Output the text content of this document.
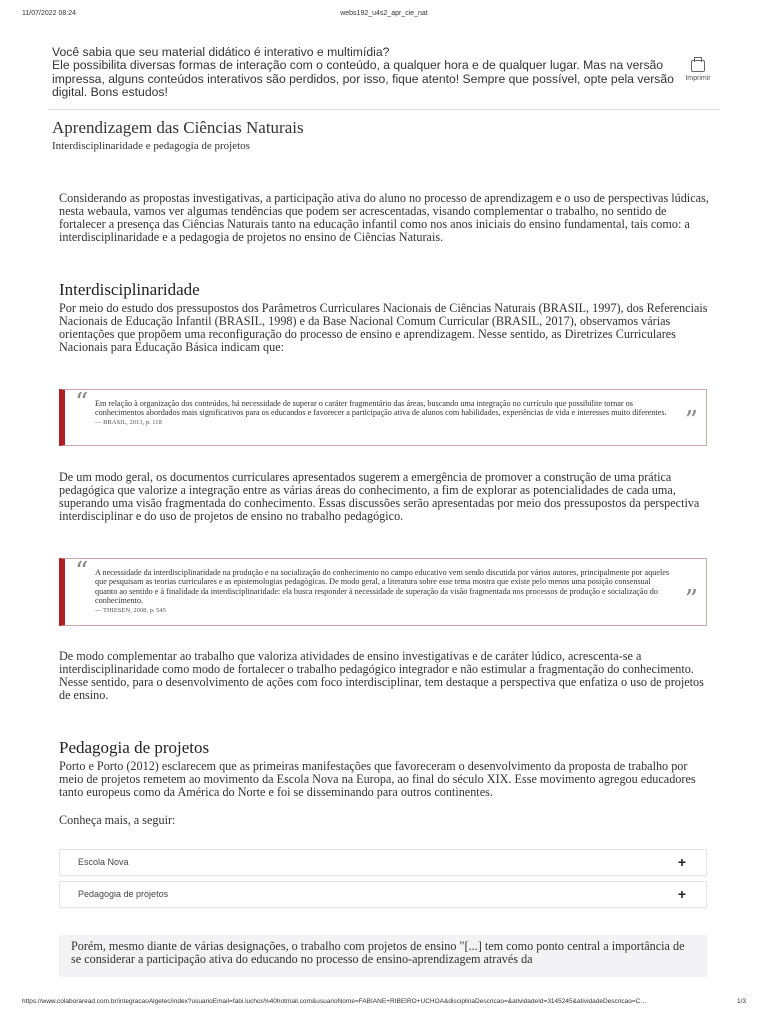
11/07/2022 08:24	webs192_u4s2_apr_cie_nat
Você sabia que seu material didático é interativo e multimídia?
Ele possibilita diversas formas de interação com o conteúdo, a qualquer hora e de qualquer lugar. Mas na versão impressa, alguns conteúdos interativos são perdidos, por isso, fique atento! Sempre que possível, opte pela versão digital. Bons estudos!
Imprimir
Aprendizagem das Ciências Naturais
Interdisciplinaridade e pedagogia de projetos
Considerando as propostas investigativas, a participação ativa do aluno no processo de aprendizagem e o uso de perspectivas lúdicas, nesta webaula, vamos ver algumas tendências que podem ser acrescentadas, visando complementar o trabalho, no sentido de fortalecer a presença das Ciências Naturais tanto na educação infantil como nos anos iniciais do ensino fundamental, tais como: a interdisciplinaridade e a pedagogia de projetos no ensino de Ciências Naturais.
Interdisciplinaridade
Por meio do estudo dos pressupostos dos Parâmetros Curriculares Nacionais de Ciências Naturais (BRASIL, 1997), dos Referenciais Nacionais de Educação Infantil (BRASIL, 1998) e da Base Nacional Comum Curricular (BRASIL, 2017), observamos várias orientações que propõem uma reconfiguração do processo de ensino e aprendizagem. Nesse sentido, as Diretrizes Curriculares Nacionais para Educação Básica indicam que:
“ Em relação à organização dos conteúdos, há necessidade de superar o caráter fragmentário das áreas, buscando uma integração no currículo que possibilite tornar os conhecimentos abordados mais significativos para os educandos e favorecer a participação ativa de alunos com habilidades, experiências de vida e interesses muito diferentes.
— BRASIL, 2013, p. 118	”
De um modo geral, os documentos curriculares apresentados sugerem a emergência de promover a construção de uma prática pedagógica que valorize a integração entre as várias áreas do conhecimento, a fim de explorar as potencialidades de cada uma, superando uma visão fragmentada do conhecimento. Essas discussões serão apresentadas por meio dos pressupostos da perspectiva interdisciplinar e do uso de projetos de ensino no trabalho pedagógico.
“ A necessidade da interdisciplinaridade na produção e na socialização do conhecimento no campo educativo vem sendo discutida por vários autores, principalmente por aqueles que pesquisam as teorias curriculares e as epistemologias pedagógicas. De modo geral, a literatura sobre esse tema mostra que existe pelo menos uma posição consensual quanto ao sentido e à finalidade da interdisciplinaridade: ela busca responder à necessidade de superação da visão fragmentada nos processos de produção e socialização do conhecimento.
— THIESEN, 2008, p. 545	”
De modo complementar ao trabalho que valoriza atividades de ensino investigativas e de caráter lúdico, acrescenta-se a interdisciplinaridade como modo de fortalecer o trabalho pedagógico integrador e não estimular a fragmentação do conhecimento. Nesse sentido, para o desenvolvimento de ações com foco interdisciplinar, tem destaque a perspectiva que enfatiza o uso de projetos de ensino.
Pedagogia de projetos
Porto e Porto (2012) esclarecem que as primeiras manifestações que favoreceram o desenvolvimento da proposta de trabalho por meio de projetos remetem ao movimento da Escola Nova na Europa, ao final do século XIX. Esse movimento agregou educadores tanto europeus como da América do Norte e foi se disseminando para outros continentes.
Conheça mais, a seguir:
Escola Nova	+
Pedagogia de projetos	+
Porém, mesmo diante de várias designações, o trabalho com projetos de ensino "[...] tem como ponto central a importância de se considerar a participação ativa do educando no processo de ensino-aprendizagem através da
https://www.colaboraread.com.br/integracaoAlgetec/index?usuarioEmail=fabi.luchos%40hotmail.com&usuarioNome=FABIANE+RIBEIRO+UCHOA&disciplinaDescricao=&atividadeId=3145245&atividadeDescricao=C…	1/3
